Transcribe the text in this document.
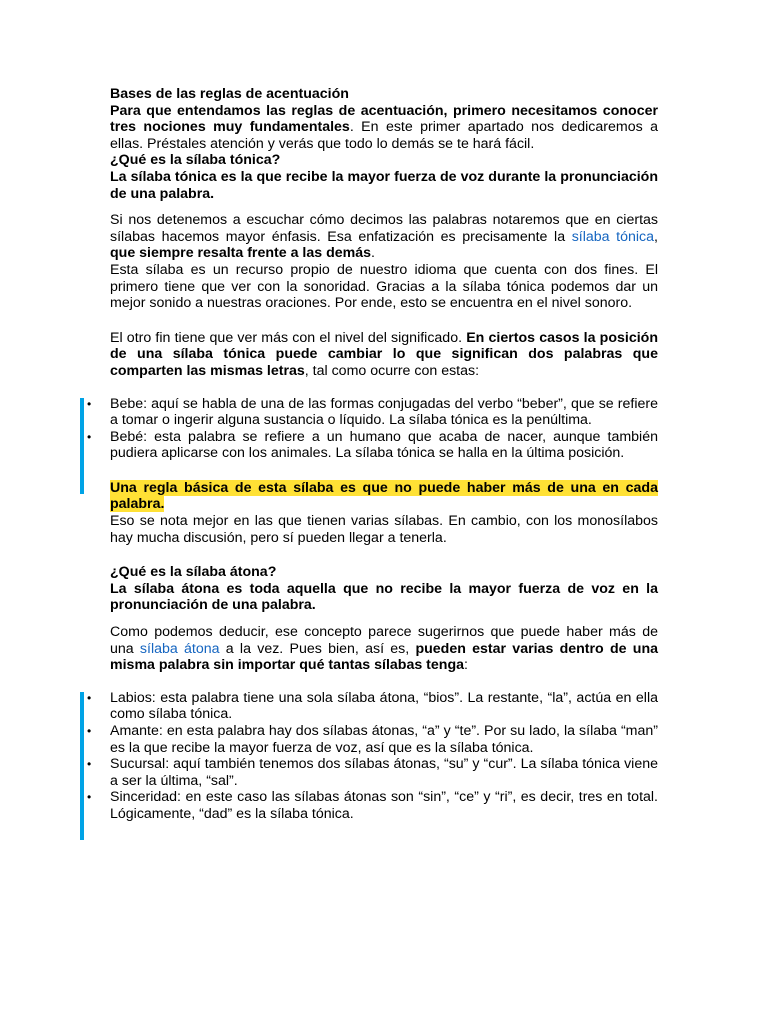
Bases de las reglas de acentuación

Para que entendamos las reglas de acentuación, primero necesitamos conocer tres nociones muy fundamentales. En este primer apartado nos dedicaremos a ellas. Préstales atención y verás que todo lo demás se te hará fácil.

¿Qué es la sílaba tónica?

La sílaba tónica es la que recibe la mayor fuerza de voz durante la pronunciación de una palabra.

Si nos detenemos a escuchar cómo decimos las palabras notaremos que en ciertas sílabas hacemos mayor énfasis. Esa enfatización es precisamente la sílaba tónica, que siempre resalta frente a las demás.

Esta sílaba es un recurso propio de nuestro idioma que cuenta con dos fines. El primero tiene que ver con la sonoridad. Gracias a la sílaba tónica podemos dar un mejor sonido a nuestras oraciones. Por ende, esto se encuentra en el nivel sonoro.

El otro fin tiene que ver más con el nivel del significado. En ciertos casos la posición de una sílaba tónica puede cambiar lo que significan dos palabras que comparten las mismas letras, tal como ocurre con estas:

• Bebe: aquí se habla de una de las formas conjugadas del verbo “beber”, que se refiere a tomar o ingerir alguna sustancia o líquido. La sílaba tónica es la penúltima.
• Bebé: esta palabra se refiere a un humano que acaba de nacer, aunque también pudiera aplicarse con los animales. La sílaba tónica se halla en la última posición.

Una regla básica de esta sílaba es que no puede haber más de una en cada palabra.

Eso se nota mejor en las que tienen varias sílabas. En cambio, con los monosílabos hay mucha discusión, pero sí pueden llegar a tenerla.

¿Qué es la sílaba átona?

La sílaba átona es toda aquella que no recibe la mayor fuerza de voz en la pronunciación de una palabra.

Como podemos deducir, ese concepto parece sugerirnos que puede haber más de una sílaba átona a la vez. Pues bien, así es, pueden estar varias dentro de una misma palabra sin importar qué tantas sílabas tenga:

• Labios: esta palabra tiene una sola sílaba átona, “bios”. La restante, “la”, actúa en ella como sílaba tónica.
• Amante: en esta palabra hay dos sílabas átonas, “a” y “te”. Por su lado, la sílaba “man” es la que recibe la mayor fuerza de voz, así que es la sílaba tónica.
• Sucursal: aquí también tenemos dos sílabas átonas, “su” y “cur”. La sílaba tónica viene a ser la última, “sal”.
• Sinceridad: en este caso las sílabas átonas son “sin”, “ce” y “ri”, es decir, tres en total. Lógicamente, “dad” es la sílaba tónica.
